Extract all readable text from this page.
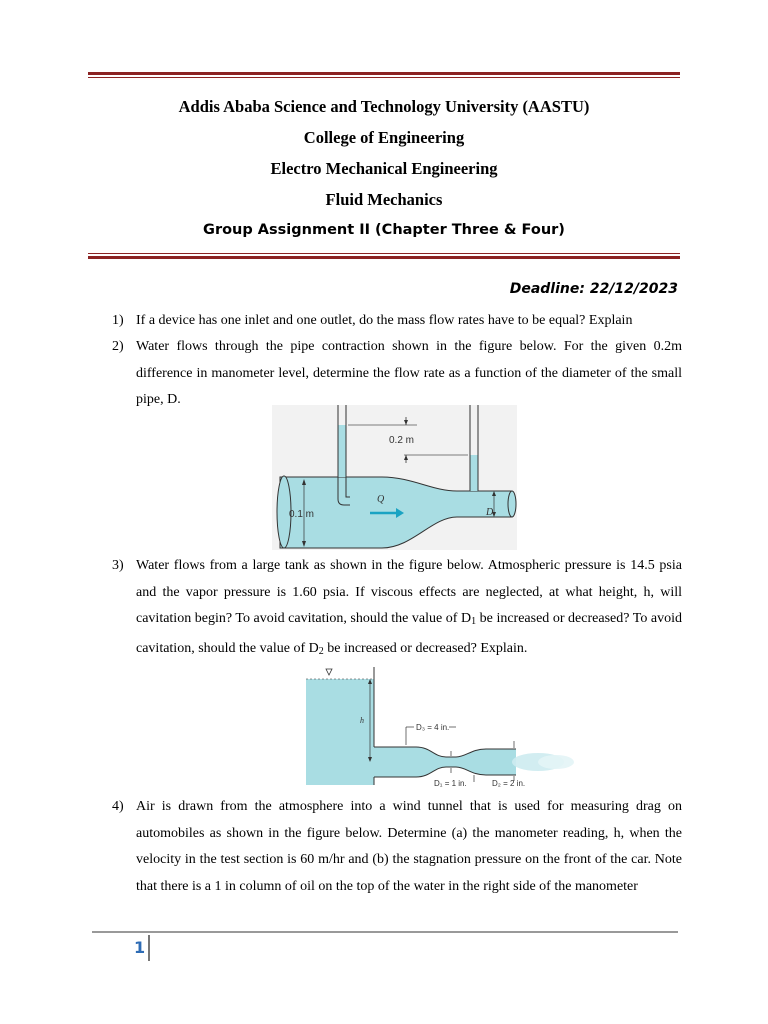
Addis Ababa Science and Technology University (AASTU)
College of Engineering
Electro Mechanical Engineering
Fluid Mechanics
Group Assignment II (Chapter Three & Four)
Deadline: 22/12/2023
1) If a device has one inlet and one outlet, do the mass flow rates have to be equal? Explain
2) Water flows through the pipe contraction shown in the figure below. For the given 0.2m difference in manometer level, determine the flow rate as a function of the diameter of the small pipe, D.
0.2 m
0.1 m
Q
D
3) Water flows from a large tank as shown in the figure below. Atmospheric pressure is 14.5 psia and the vapor pressure is 1.60 psia. If viscous effects are neglected, at what height, h, will cavitation begin? To avoid cavitation, should the value of $D_1$ be increased or decreased? To avoid cavitation, should the value of $D_2$ be increased or decreased? Explain.
h
D₃ = 4 in.
D₁ = 1 in.	D₂ = 2 in.
4) Air is drawn from the atmosphere into a wind tunnel that is used for measuring drag on automobiles as shown in the figure below. Determine (a) the manometer reading, h, when the velocity in the test section is 60 m/hr and (b) the stagnation pressure on the front of the car. Note that there is a 1 in column of oil on the top of the water in the right side of the manometer
1
